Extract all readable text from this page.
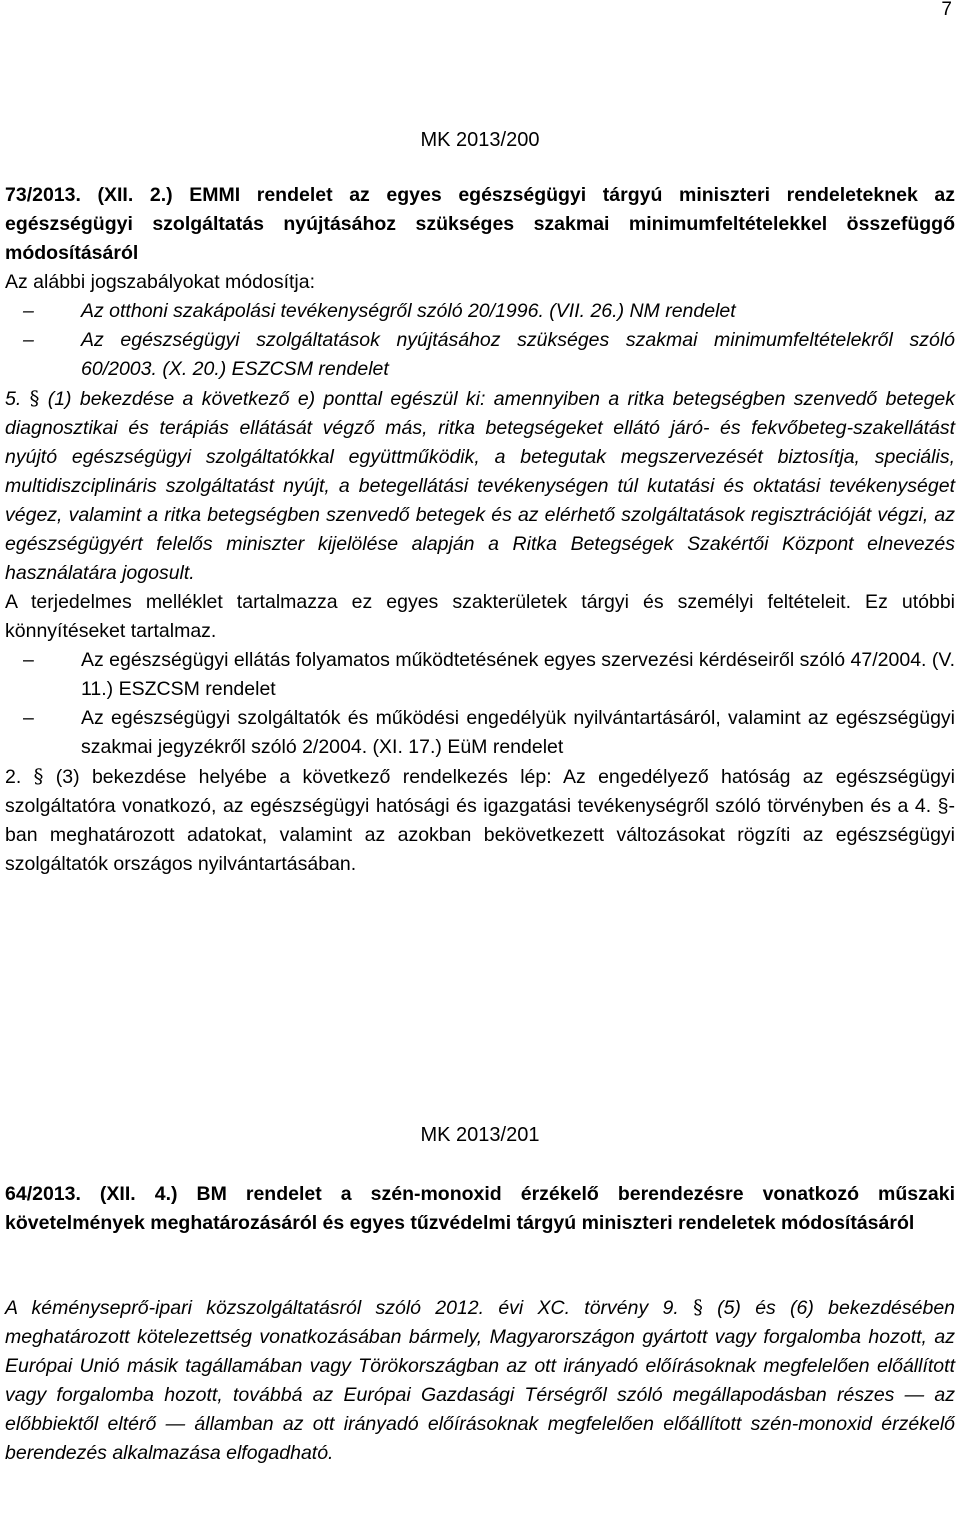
7
MK 2013/200

73/2013. (XII. 2.) EMMI rendelet az egyes egészségügyi tárgyú miniszteri rendeleteknek az egészségügyi szolgáltatás nyújtásához szükséges szakmai minimumfeltételekkel összefüggő módosításáról

Az alábbi jogszabályokat módosítja:

– Az otthoni szakápolási tevékenységről szóló 20/1996. (VII. 26.) NM rendelet
– Az egészségügyi szolgáltatások nyújtásához szükséges szakmai minimumfeltételekről szóló 60/2003. (X. 20.) ESZCSM rendelet

5. § (1) bekezdése a következő e) ponttal egészül ki: amennyiben a ritka betegségben szenvedő betegek diagnosztikai és terápiás ellátását végző más, ritka betegségeket ellátó járó- és fekvőbeteg-szakellátást nyújtó egészségügyi szolgáltatókkal együttműködik, a betegutak megszervezését biztosítja, speciális, multidiszciplináris szolgáltatást nyújt, a betegellátási tevékenységen túl kutatási és oktatási tevékenységet végez, valamint a ritka betegségben szenvedő betegek és az elérhető szolgáltatások regisztrációját végzi, az egészségügyért felelős miniszter kijelölése alapján a Ritka Betegségek Szakértői Központ elnevezés használatára jogosult.

A terjedelmes melléklet tartalmazza ez egyes szakterületek tárgyi és személyi feltételeit. Ez utóbbi könnyítéseket tartalmaz.

– Az egészségügyi ellátás folyamatos működtetésének egyes szervezési kérdéseiről szóló 47/2004. (V. 11.) ESZCSM rendelet
– Az egészségügyi szolgáltatók és működési engedélyük nyilvántartásáról, valamint az egészségügyi szakmai jegyzékről szóló 2/2004. (XI. 17.) EüM rendelet

2. § (3) bekezdése helyébe a következő rendelkezés lép: Az engedélyező hatóság az egészségügyi szolgáltatóra vonatkozó, az egészségügyi hatósági és igazgatási tevékenységről szóló törvényben és a 4. §-ban meghatározott adatokat, valamint az azokban bekövetkezett változásokat rögzíti az egészségügyi szolgáltatók országos nyilvántartásában.

MK 2013/201

64/2013. (XII. 4.) BM rendelet a szén-monoxid érzékelő berendezésre vonatkozó műszaki követelmények meghatározásáról és egyes tűzvédelmi tárgyú miniszteri rendeletek módosításáról

A kéményseprő-ipari közszolgáltatásról szóló 2012. évi XC. törvény 9. § (5) és (6) bekezdésében meghatározott kötelezettség vonatkozásában bármely, Magyarországon gyártott vagy forgalomba hozott, az Európai Unió másik tagállamában vagy Törökországban az ott irányadó előírásoknak megfelelően előállított vagy forgalomba hozott, továbbá az Európai Gazdasági Térségről szóló megállapodásban részes — az előbbiektől eltérő — államban az ott irányadó előírásoknak megfelelően előállított szén-monoxid érzékelő berendezés alkalmazása elfogadható.
